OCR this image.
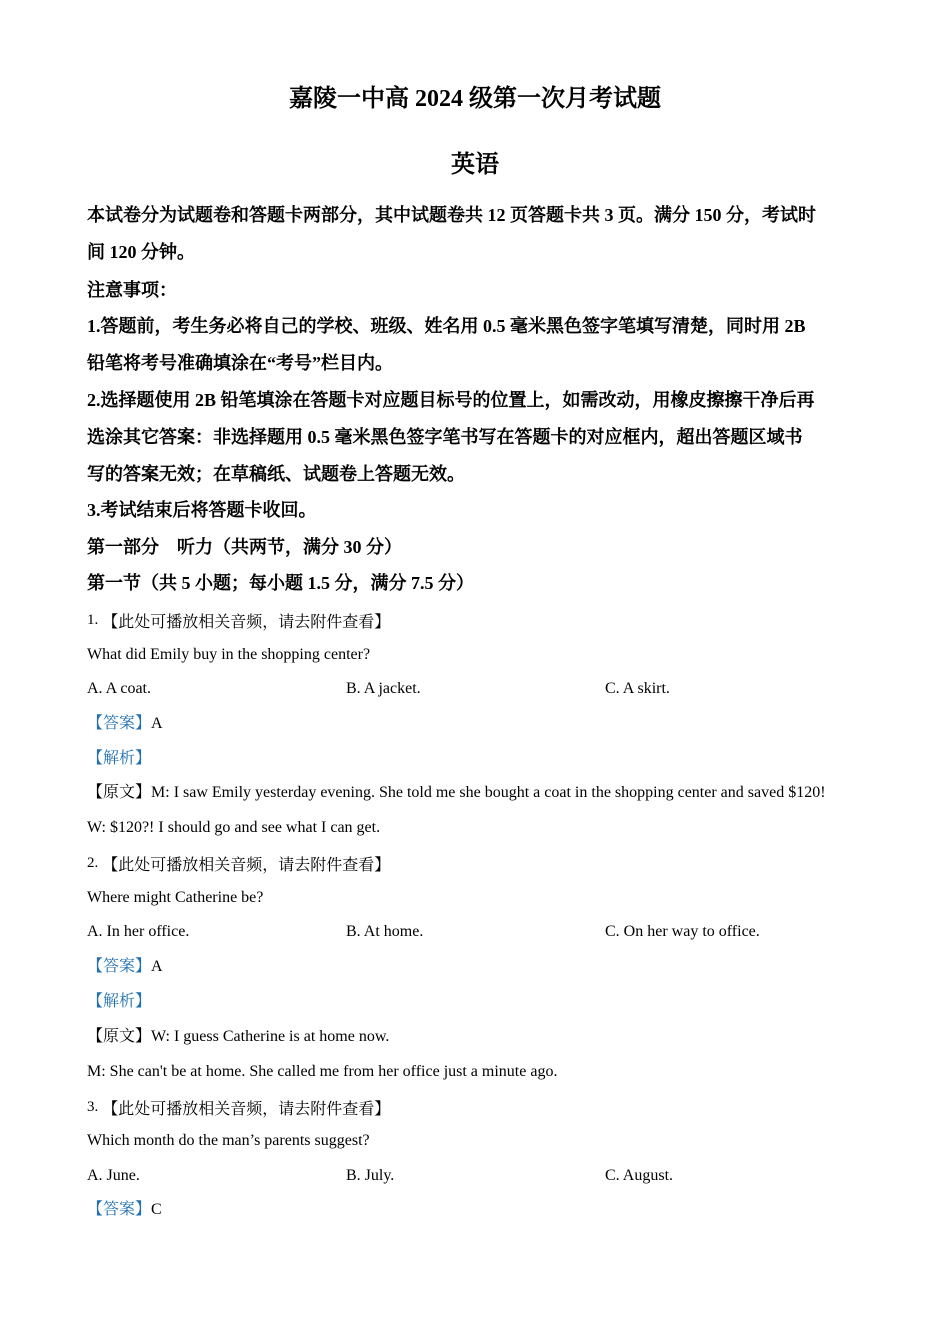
嘉陵一中高 2024 级第一次月考试题
英语
本试卷分为试题卷和答题卡两部分，其中试题卷共 12 页答题卡共 3 页。满分 150 分，考试时
间 120 分钟。
注意事项：
1.答题前，考生务必将自己的学校、班级、姓名用 0.5 毫米黑色签字笔填写清楚，同时用 2B
铅笔将考号准确填涂在“考号”栏目内。
2.选择题使用 2B 铅笔填涂在答题卡对应题目标号的位置上，如需改动，用橡皮擦擦干净后再
选涂其它答案：非选择题用 0.5 毫米黑色签字笔书写在答题卡的对应框内，超出答题区域书
写的答案无效；在草稿纸、试题卷上答题无效。
3.考试结束后将答题卡收回。
第一部分　听力（共两节，满分 30 分）
第一节（共 5 小题；每小题 1.5 分，满分 7.5 分）
1. 【此处可播放相关音频，请去附件查看】
What did Emily buy in the shopping center?
A. A coat.	B. A jacket.	C. A skirt.
【答案】A
【解析】
【原文】M: I saw Emily yesterday evening. She told me she bought a coat in the shopping center and saved $120!
W: $120?! I should go and see what I can get.
2. 【此处可播放相关音频，请去附件查看】
Where might Catherine be?
A. In her office.	B. At home.	C. On her way to office.
【答案】A
【解析】
【原文】W: I guess Catherine is at home now.
M: She can't be at home. She called me from her office just a minute ago.
3. 【此处可播放相关音频，请去附件查看】
Which month do the man’s parents suggest?
A. June.	B. July.	C. August.
【答案】C
